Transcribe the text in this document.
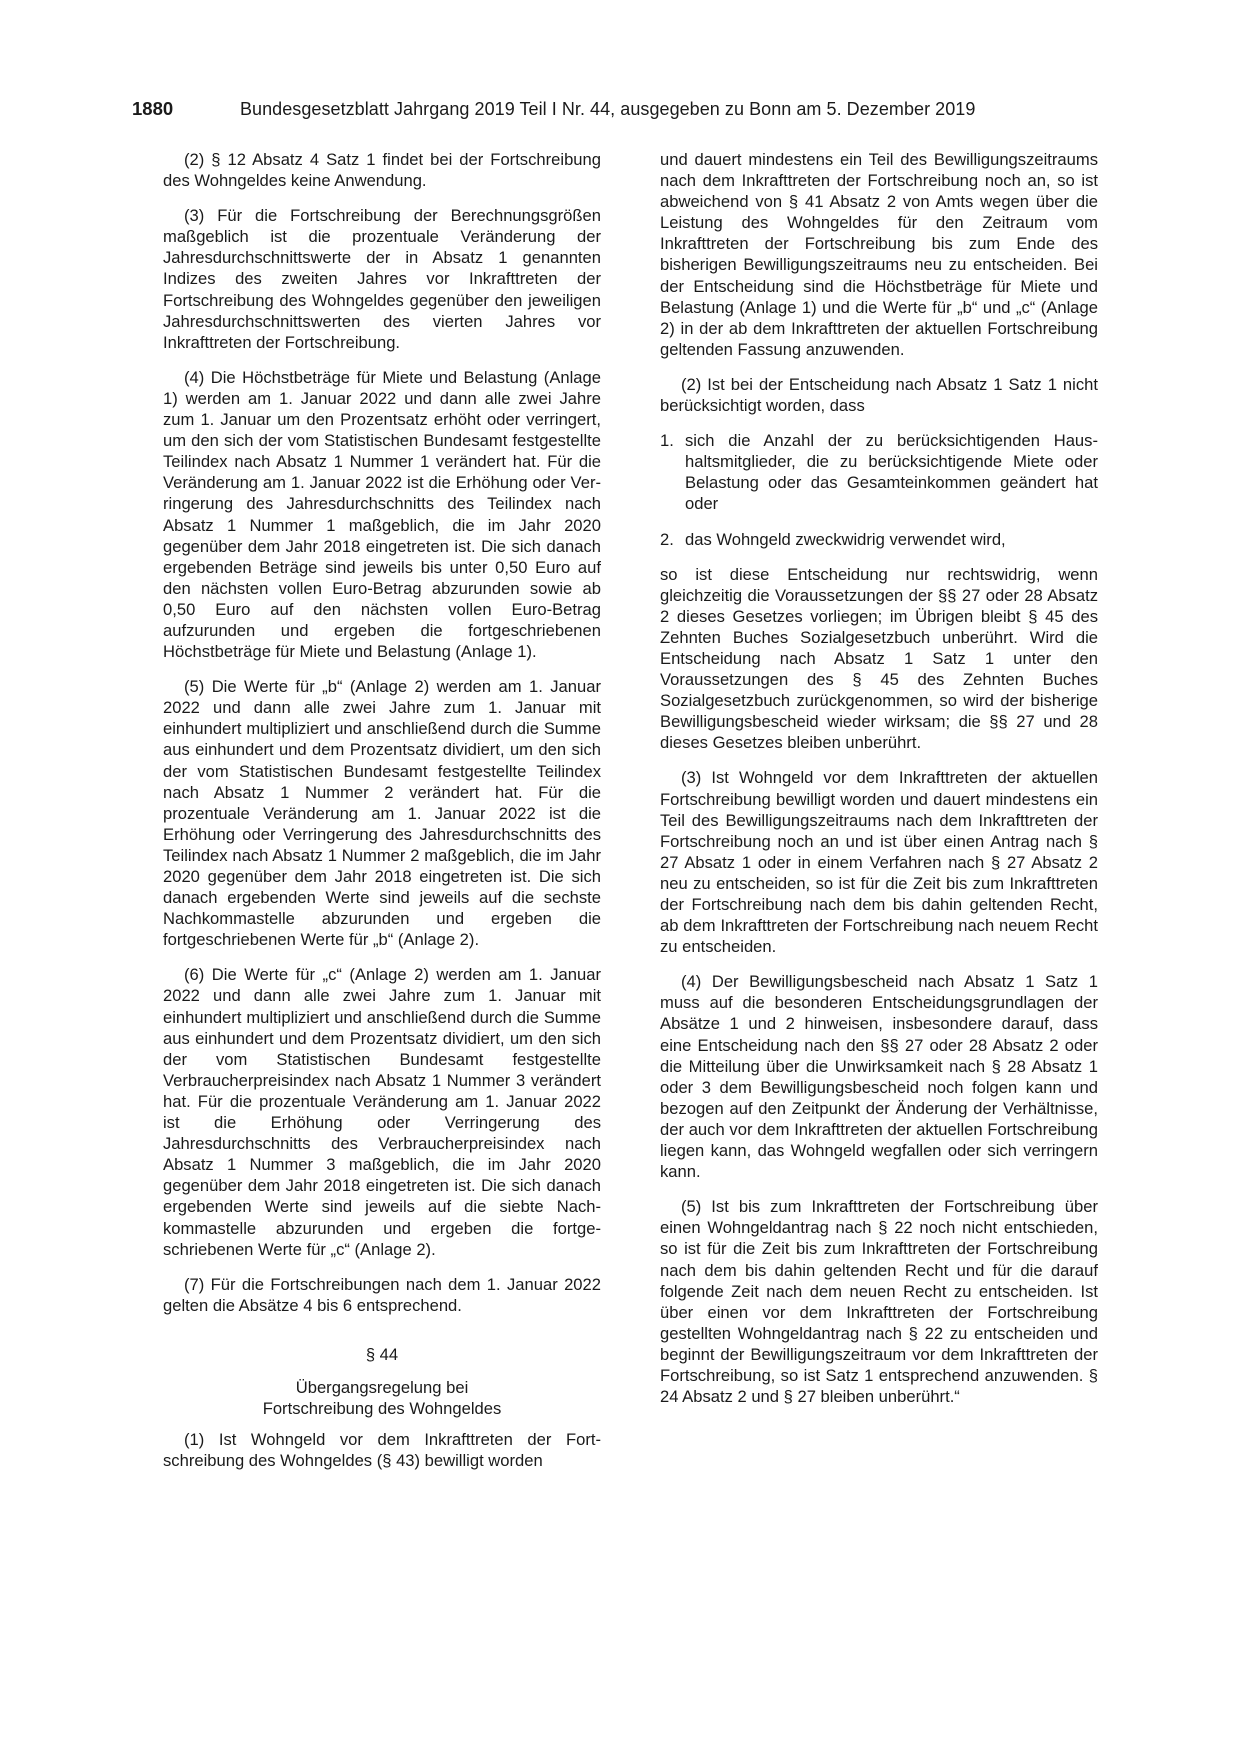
1880	Bundesgesetzblatt Jahrgang 2019 Teil I Nr. 44, ausgegeben zu Bonn am 5. Dezember 2019

(2) § 12 Absatz 4 Satz 1 findet bei der Fortschreibung des Wohngeldes keine Anwendung.

(3) Für die Fortschreibung der Berechnungsgrößen maßgeblich ist die prozentuale Veränderung der Jahresdurchschnittswerte der in Absatz 1 genannten Indizes des zweiten Jahres vor Inkrafttreten der Fortschreibung des Wohngeldes gegenüber den jeweiligen Jahresdurchschnittswerten des vierten Jahres vor Inkrafttreten der Fortschreibung.

(4) Die Höchstbeträge für Miete und Belastung (Anlage 1) werden am 1. Januar 2022 und dann alle zwei Jahre zum 1. Januar um den Prozentsatz erhöht oder verringert, um den sich der vom Statistischen Bundesamt festgestellte Teilindex nach Absatz 1 Nummer 1 verändert hat. Für die Veränderung am 1. Januar 2022 ist die Erhöhung oder Verringerung des Jahresdurchschnitts des Teilindex nach Absatz 1 Nummer 1 maßgeblich, die im Jahr 2020 gegenüber dem Jahr 2018 eingetreten ist. Die sich danach ergebenden Beträge sind jeweils bis unter 0,50 Euro auf den nächsten vollen Euro-Betrag abzurunden sowie ab 0,50 Euro auf den nächsten vollen Euro-Betrag aufzurunden und ergeben die fortgeschriebenen Höchstbeträge für Miete und Belastung (Anlage 1).

(5) Die Werte für „b“ (Anlage 2) werden am 1. Januar 2022 und dann alle zwei Jahre zum 1. Januar mit einhundert multipliziert und anschließend durch die Summe aus einhundert und dem Prozentsatz dividiert, um den sich der vom Statistischen Bundesamt festgestellte Teilindex nach Absatz 1 Nummer 2 verändert hat. Für die prozentuale Veränderung am 1. Januar 2022 ist die Erhöhung oder Verringerung des Jahresdurchschnitts des Teilindex nach Absatz 1 Nummer 2 maßgeblich, die im Jahr 2020 gegenüber dem Jahr 2018 eingetreten ist. Die sich danach ergebenden Werte sind jeweils auf die sechste Nachkommastelle abzurunden und ergeben die fortgeschriebenen Werte für „b“ (Anlage 2).

(6) Die Werte für „c“ (Anlage 2) werden am 1. Januar 2022 und dann alle zwei Jahre zum 1. Januar mit einhundert multipliziert und anschließend durch die Summe aus einhundert und dem Prozentsatz dividiert, um den sich der vom Statistischen Bundesamt festgestellte Verbraucherpreisindex nach Absatz 1 Nummer 3 verändert hat. Für die prozentuale Veränderung am 1. Januar 2022 ist die Erhöhung oder Verringerung des Jahresdurchschnitts des Verbraucherpreisindex nach Absatz 1 Nummer 3 maßgeblich, die im Jahr 2020 gegenüber dem Jahr 2018 eingetreten ist. Die sich danach ergebenden Werte sind jeweils auf die siebte Nachkommastelle abzurunden und ergeben die fortgeschriebenen Werte für „c“ (Anlage 2).

(7) Für die Fortschreibungen nach dem 1. Januar 2022 gelten die Absätze 4 bis 6 entsprechend.

§ 44
Übergangsregelung bei
Fortschreibung des Wohngeldes

(1) Ist Wohngeld vor dem Inkrafttreten der Fortschreibung des Wohngeldes (§ 43) bewilligt worden

und dauert mindestens ein Teil des Bewilligungszeitraums nach dem Inkrafttreten der Fortschreibung noch an, so ist abweichend von § 41 Absatz 2 von Amts wegen über die Leistung des Wohngeldes für den Zeitraum vom Inkrafttreten der Fortschreibung bis zum Ende des bisherigen Bewilligungszeitraums neu zu entscheiden. Bei der Entscheidung sind die Höchstbeträge für Miete und Belastung (Anlage 1) und die Werte für „b“ und „c“ (Anlage 2) in der ab dem Inkrafttreten der aktuellen Fortschreibung geltenden Fassung anzuwenden.

(2) Ist bei der Entscheidung nach Absatz 1 Satz 1 nicht berücksichtigt worden, dass

1. sich die Anzahl der zu berücksichtigenden Haushaltsmitglieder, die zu berücksichtigende Miete oder Belastung oder das Gesamteinkommen geändert hat oder
2. das Wohngeld zweckwidrig verwendet wird,

so ist diese Entscheidung nur rechtswidrig, wenn gleichzeitig die Voraussetzungen der §§ 27 oder 28 Absatz 2 dieses Gesetzes vorliegen; im Übrigen bleibt § 45 des Zehnten Buches Sozialgesetzbuch unberührt. Wird die Entscheidung nach Absatz 1 Satz 1 unter den Voraussetzungen des § 45 des Zehnten Buches Sozialgesetzbuch zurückgenommen, so wird der bisherige Bewilligungsbescheid wieder wirksam; die §§ 27 und 28 dieses Gesetzes bleiben unberührt.

(3) Ist Wohngeld vor dem Inkrafttreten der aktuellen Fortschreibung bewilligt worden und dauert mindestens ein Teil des Bewilligungszeitraums nach dem Inkrafttreten der Fortschreibung noch an und ist über einen Antrag nach § 27 Absatz 1 oder in einem Verfahren nach § 27 Absatz 2 neu zu entscheiden, so ist für die Zeit bis zum Inkrafttreten der Fortschreibung nach dem bis dahin geltenden Recht, ab dem Inkrafttreten der Fortschreibung nach neuem Recht zu entscheiden.

(4) Der Bewilligungsbescheid nach Absatz 1 Satz 1 muss auf die besonderen Entscheidungsgrundlagen der Absätze 1 und 2 hinweisen, insbesondere darauf, dass eine Entscheidung nach den §§ 27 oder 28 Absatz 2 oder die Mitteilung über die Unwirksamkeit nach § 28 Absatz 1 oder 3 dem Bewilligungsbescheid noch folgen kann und bezogen auf den Zeitpunkt der Änderung der Verhältnisse, der auch vor dem Inkrafttreten der aktuellen Fortschreibung liegen kann, das Wohngeld wegfallen oder sich verringern kann.

(5) Ist bis zum Inkrafttreten der Fortschreibung über einen Wohngeldantrag nach § 22 noch nicht entschieden, so ist für die Zeit bis zum Inkrafttreten der Fortschreibung nach dem bis dahin geltenden Recht und für die darauf folgende Zeit nach dem neuen Recht zu entscheiden. Ist über einen vor dem Inkrafttreten der Fortschreibung gestellten Wohngeldantrag nach § 22 zu entscheiden und beginnt der Bewilligungszeitraum vor dem Inkrafttreten der Fortschreibung, so ist Satz 1 entsprechend anzuwenden. § 24 Absatz 2 und § 27 bleiben unberührt.“
